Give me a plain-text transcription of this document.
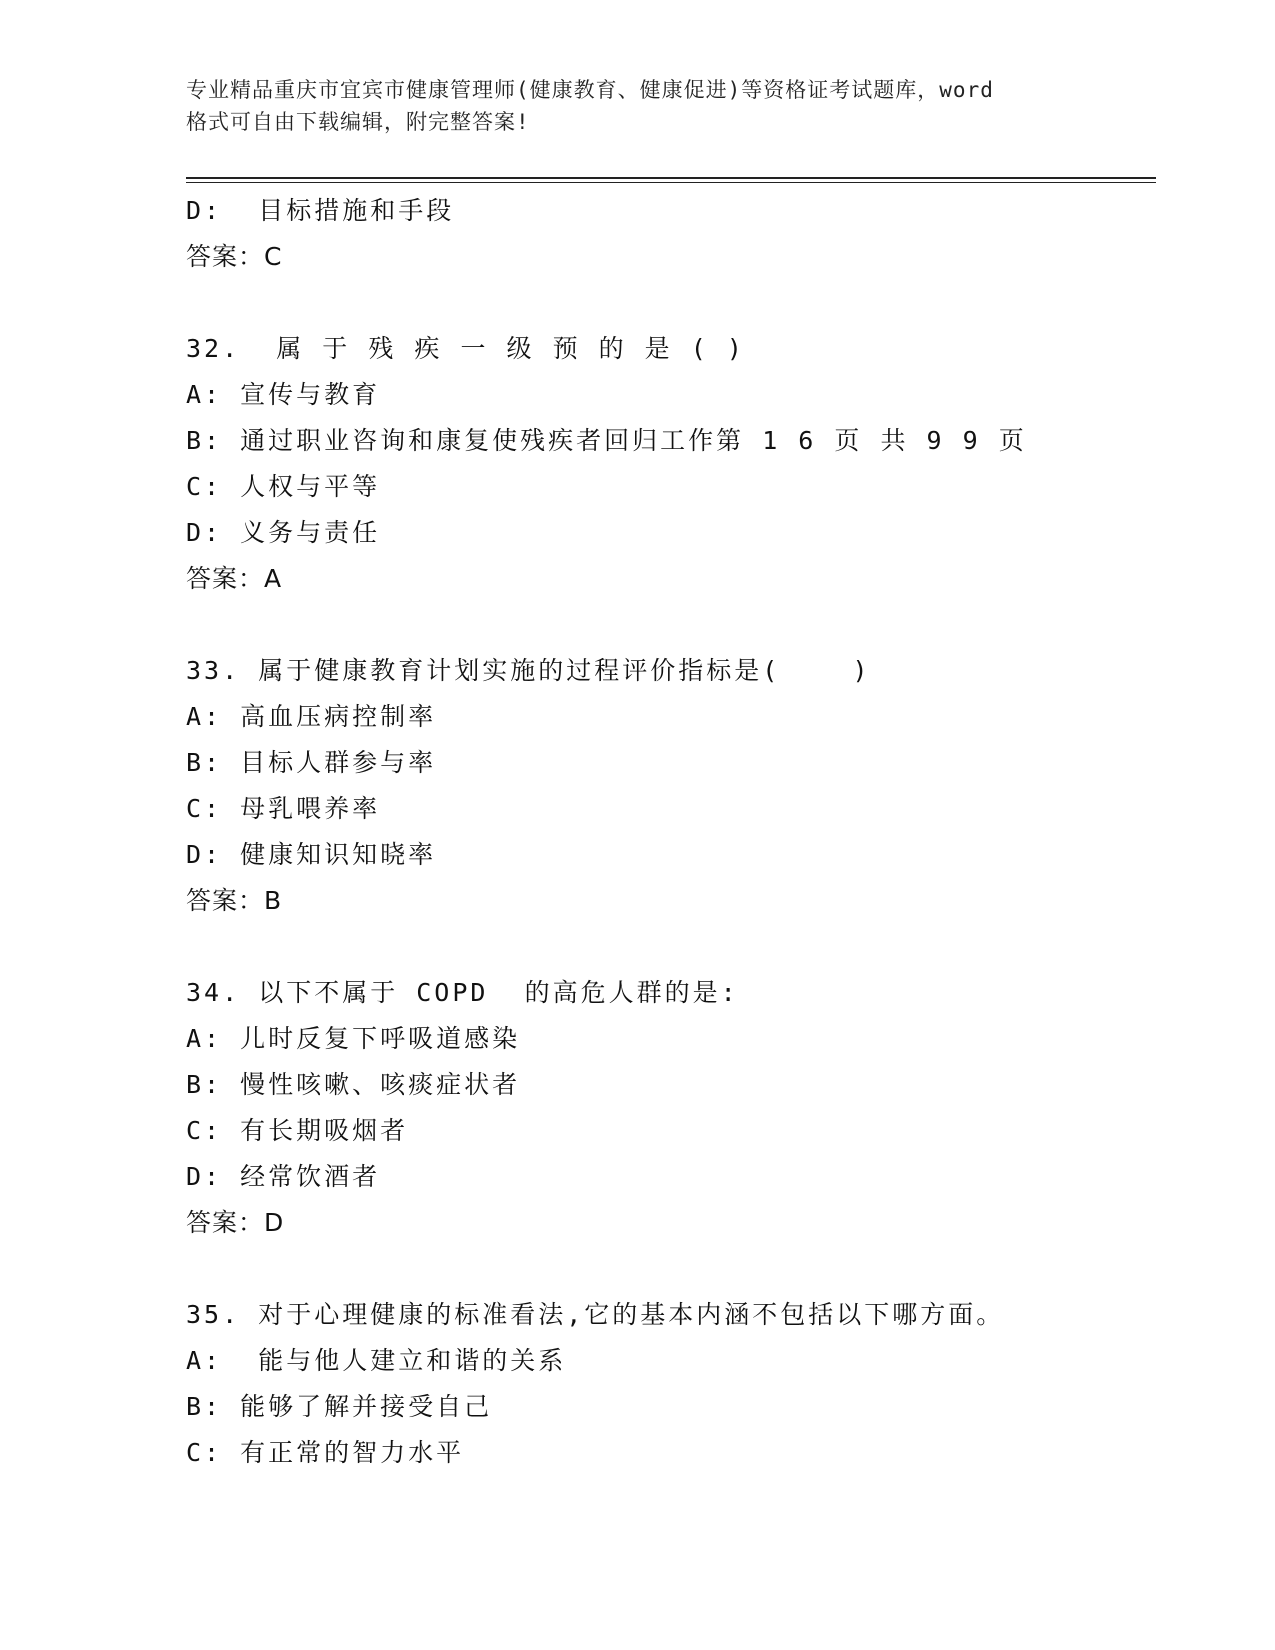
专业精品重庆市宜宾市健康管理师(健康教育、健康促进)等资格证考试题库，word
格式可自由下载编辑，附完整答案!
D:  目标措施和手段
答案：C
32.  属 于 残 疾 一 级 预 的 是 ( )
A: 宣传与教育
B: 通过职业咨询和康复使残疾者回归工作第 1 6 页 共 9 9 页
C: 人权与平等
D: 义务与责任
答案：A
33. 属于健康教育计划实施的过程评价指标是(    )
A: 高血压病控制率
B: 目标人群参与率
C: 母乳喂养率
D: 健康知识知晓率
答案：B
34. 以下不属于 COPD  的高危人群的是:
A: 儿时反复下呼吸道感染
B: 慢性咳嗽、咳痰症状者
C: 有长期吸烟者
D: 经常饮酒者
答案：D
35. 对于心理健康的标准看法,它的基本内涵不包括以下哪方面。
A:  能与他人建立和谐的关系
B: 能够了解并接受自己
C: 有正常的智力水平
